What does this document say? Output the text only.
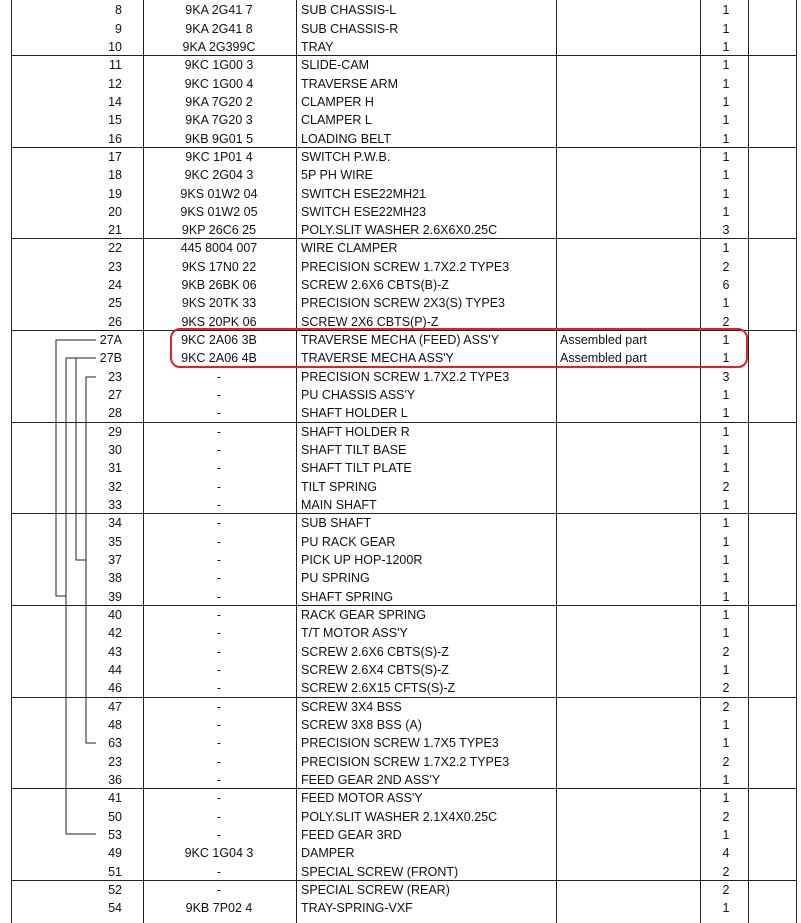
8	9KA 2G41 7	SUB CHASSIS-L	1
9	9KA 2G41 8	SUB CHASSIS-R	1
10	9KA 2G399C	TRAY	1
11	9KC 1G00 3	SLIDE-CAM	1
12	9KC 1G00 4	TRAVERSE ARM	1
14	9KA 7G20 2	CLAMPER H	1
15	9KA 7G20 3	CLAMPER L	1
16	9KB 9G01 5	LOADING BELT	1
17	9KC 1P01 4	SWITCH P.W.B.	1
18	9KC 2G04 3	5P PH WIRE	1
19	9KS 01W2 04	SWITCH ESE22MH21	1
20	9KS 01W2 05	SWITCH ESE22MH23	1
21	9KP 26C6 25	POLY.SLIT WASHER 2.6X6X0.25C	3
22	445 8004 007	WIRE CLAMPER	1
23	9KS 17N0 22	PRECISION SCREW 1.7X2.2 TYPE3	2
24	9KB 26BK 06	SCREW 2.6X6 CBTS(B)-Z	6
25	9KS 20TK 33	PRECISION SCREW 2X3(S) TYPE3	1
26	9KS 20PK 06	SCREW 2X6 CBTS(P)-Z	2
27A	9KC 2A06 3B	TRAVERSE MECHA (FEED) ASS'Y	Assembled part	1
27B	9KC 2A06 4B	TRAVERSE MECHA ASS'Y	Assembled part	1
23	-	PRECISION SCREW 1.7X2.2 TYPE3	3
27	-	PU CHASSIS ASS'Y	1
28	-	SHAFT HOLDER L	1
29	-	SHAFT HOLDER R	1
30	-	SHAFT TILT BASE	1
31	-	SHAFT TILT PLATE	1
32	-	TILT SPRING	2
33	-	MAIN SHAFT	1
34	-	SUB SHAFT	1
35	-	PU RACK GEAR	1
37	-	PICK UP HOP-1200R	1
38	-	PU SPRING	1
39	-	SHAFT SPRING	1
40	-	RACK GEAR SPRING	1
42	-	T/T MOTOR ASS'Y	1
43	-	SCREW 2.6X6 CBTS(S)-Z	2
44	-	SCREW 2.6X4 CBTS(S)-Z	1
46	-	SCREW 2.6X15 CFTS(S)-Z	2
47	-	SCREW 3X4 BSS	2
48	-	SCREW 3X8 BSS (A)	1
63	-	PRECISION SCREW 1.7X5 TYPE3	1
23	-	PRECISION SCREW 1.7X2.2 TYPE3	2
36	-	FEED GEAR 2ND ASS'Y	1
41	-	FEED MOTOR ASS'Y	1
50	-	POLY.SLIT WASHER 2.1X4X0.25C	2
53	-	FEED GEAR 3RD	1
49	9KC 1G04 3	DAMPER	4
51	-	SPECIAL SCREW (FRONT)	2
52	-	SPECIAL SCREW (REAR)	2
54	9KB 7P02 4	TRAY-SPRING-VXF	1
